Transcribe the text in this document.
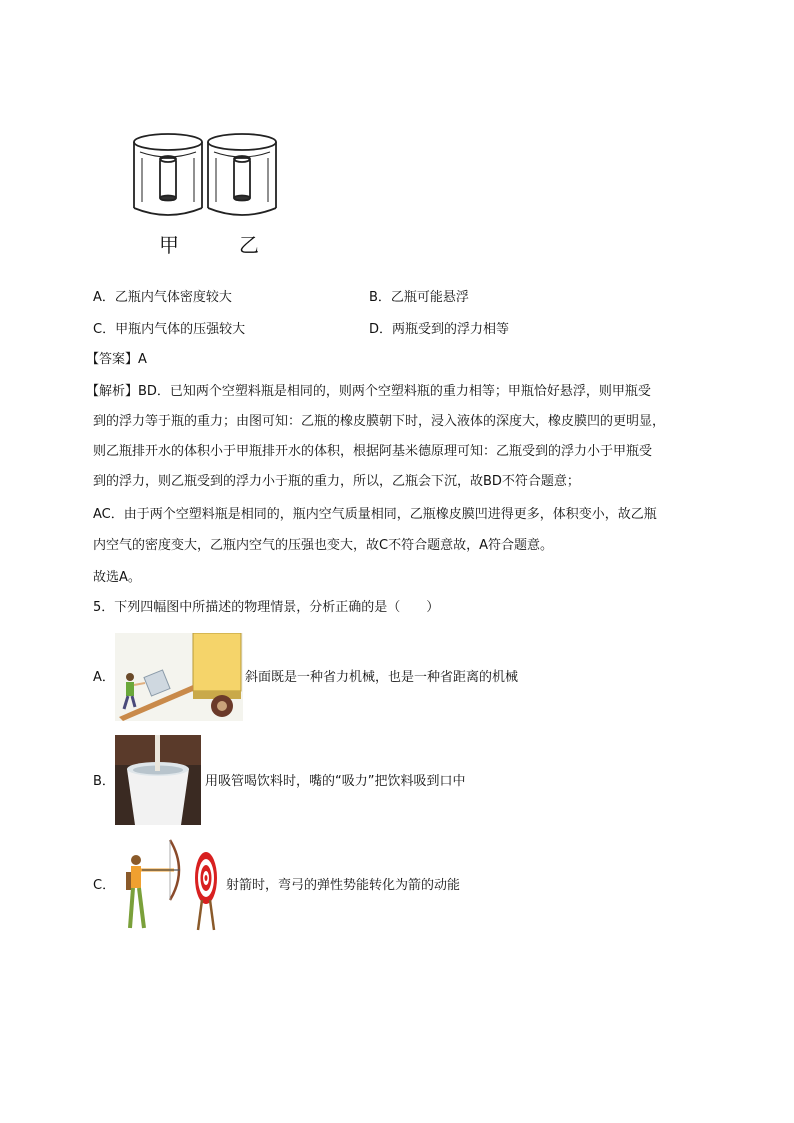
甲	乙
A．乙瓶内气体密度较大	B．乙瓶可能悬浮
C．甲瓶内气体的压强较大	D．两瓶受到的浮力相等
【答案】A
【解析】BD．已知两个空塑料瓶是相同的，则两个空塑料瓶的重力相等；甲瓶恰好悬浮，则甲瓶受
到的浮力等于瓶的重力；由图可知：乙瓶的橡皮膜朝下时，浸入液体的深度大，橡皮膜凹的更明显，
则乙瓶排开水的体积小于甲瓶排开水的体积，根据阿基米德原理可知：乙瓶受到的浮力小于甲瓶受
到的浮力，则乙瓶受到的浮力小于瓶的重力，所以，乙瓶会下沉，故BD不符合题意；
AC．由于两个空塑料瓶是相同的，瓶内空气质量相同，乙瓶橡皮膜凹进得更多，体积变小，故乙瓶
内空气的密度变大，乙瓶内空气的压强也变大，故C不符合题意故，A符合题意。
故选A。
5．下列四幅图中所描述的物理情景，分析正确的是（　　）
A．	斜面既是一种省力机械，也是一种省距离的机械
B．	用吸管喝饮料时，嘴的“吸力”把饮料吸到口中
C．	射箭时，弯弓的弹性势能转化为箭的动能
